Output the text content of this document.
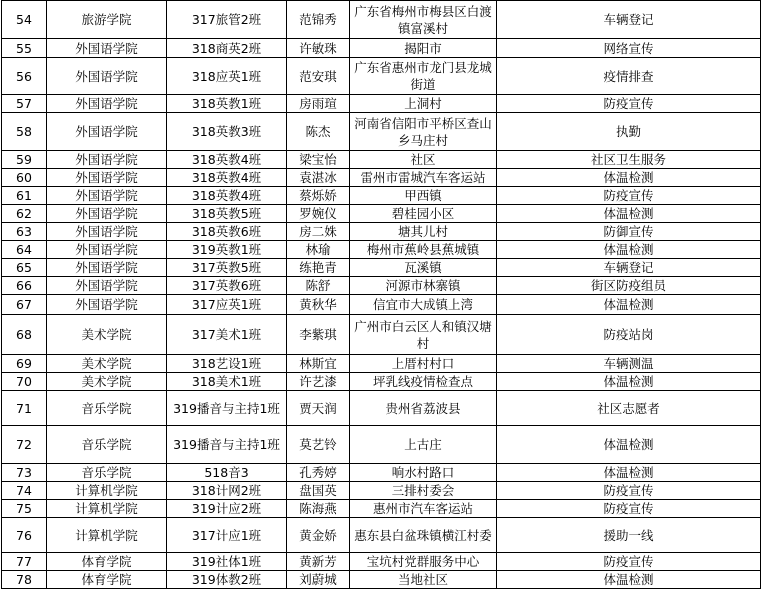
54	旅游学院	317旅管2班	范锦秀	广东省梅州市梅县区白渡镇富溪村	车辆登记
55	外国语学院	318商英2班	许敏珠	揭阳市	网络宣传
56	外国语学院	318应英1班	范安琪	广东省惠州市龙门县龙城街道	疫情排查
57	外国语学院	318英教1班	房雨瑄	上洞村	防疫宣传
58	外国语学院	318英教3班	陈杰	河南省信阳市平桥区查山乡马庄村	执勤
59	外国语学院	318英教4班	梁宝怡	社区	社区卫生服务
60	外国语学院	318英教4班	袁湛冰	雷州市雷城汽车客运站	体温检测
61	外国语学院	318英教4班	蔡烁娇	甲西镇	防疫宣传
62	外国语学院	318英教5班	罗婉仪	碧桂园小区	体温检测
63	外国语学院	318英教6班	房二姝	塘其儿村	防御宣传
64	外国语学院	319英教1班	林瑜	梅州市蕉岭县蕉城镇	体温检测
65	外国语学院	317英教5班	练艳青	瓦溪镇	车辆登记
66	外国语学院	317英教6班	陈舒	河源市林寨镇	街区防疫组员
67	外国语学院	317应英1班	黄秋华	信宜市大成镇上湾	体温检测
68	美术学院	317美术1班	李紫琪	广州市白云区人和镇汉塘村	防疫站岗
69	美术学院	318艺设1班	林斯宜	上厝村村口	车辆测温
70	美术学院	318美术1班	许艺漆	坪乳线疫情检查点	体温检测
71	音乐学院	319播音与主持1班	贾天润	贵州省荔波县	社区志愿者
72	音乐学院	319播音与主持1班	莫艺铃	上古庄	体温检测
73	音乐学院	518音3	孔秀婷	响水村路口	体温检测
74	计算机学院	318计网2班	盘国英	三排村委会	防疫宣传
75	计算机学院	319计应2班	陈海燕	惠州市汽车客运站	防疫宣传
76	计算机学院	317计应1班	黄金娇	惠东县白盆珠镇横江村委	援助一线
77	体育学院	319社体1班	黄新芳	宝坑村党群服务中心	防疫宣传
78	体育学院	319体教2班	刘蔚城	当地社区	体温检测
